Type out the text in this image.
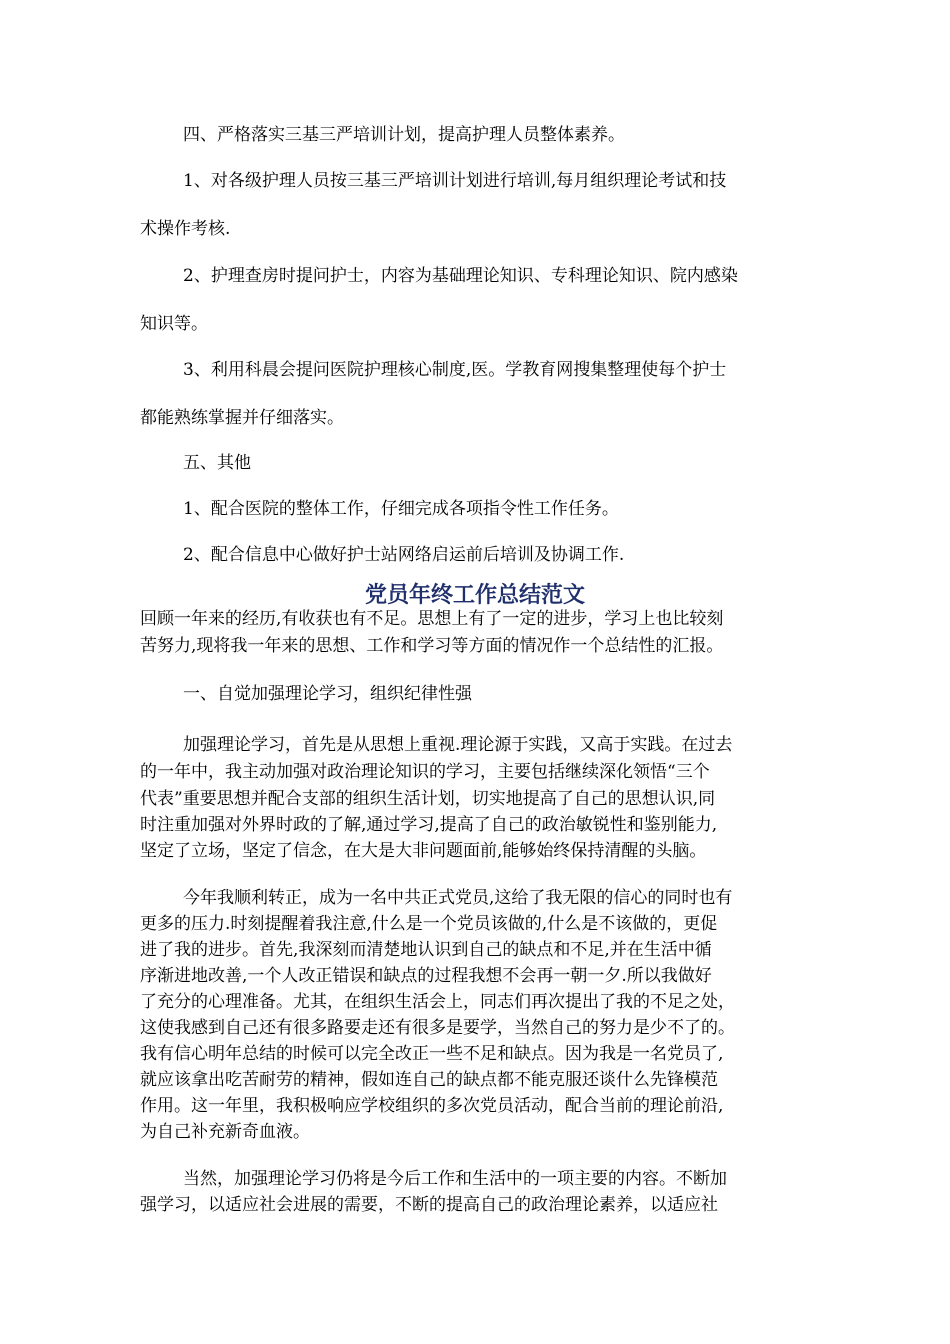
四、严格落实三基三严培训计划，提高护理人员整体素养。

1、对各级护理人员按三基三严培训计划进行培训,每月组织理论考试和技

术操作考核.

2、护理查房时提问护士，内容为基础理论知识、专科理论知识、院内感染

知识等。

3、利用科晨会提问医院护理核心制度,医。学教育网搜集整理使每个护士

都能熟练掌握并仔细落实。

五、其他

1、配合医院的整体工作，仔细完成各项指令性工作任务。

2、配合信息中心做好护士站网络启运前后培训及协调工作.

党员年终工作总结范文

回顾一年来的经历,有收获也有不足。思想上有了一定的进步，学习上也比较刻

苦努力,现将我一年来的思想、工作和学习等方面的情况作一个总结性的汇报。

一、自觉加强理论学习，组织纪律性强

加强理论学习，首先是从思想上重视.理论源于实践，又高于实践。在过去

的一年中，我主动加强对政治理论知识的学习，主要包括继续深化领悟“三个

代表”重要思想并配合支部的组织生活计划，切实地提高了自己的思想认识,同

时注重加强对外界时政的了解,通过学习,提高了自己的政治敏锐性和鉴别能力,

坚定了立场，坚定了信念，在大是大非问题面前,能够始终保持清醒的头脑。

今年我顺利转正，成为一名中共正式党员,这给了我无限的信心的同时也有

更多的压力.时刻提醒着我注意,什么是一个党员该做的,什么是不该做的，更促

进了我的进步。首先,我深刻而清楚地认识到自己的缺点和不足,并在生活中循

序渐进地改善,一个人改正错误和缺点的过程我想不会再一朝一夕.所以我做好

了充分的心理准备。尤其，在组织生活会上，同志们再次提出了我的不足之处，

这使我感到自己还有很多路要走还有很多是要学，当然自己的努力是少不了的。

我有信心明年总结的时候可以完全改正一些不足和缺点。因为我是一名党员了,

就应该拿出吃苦耐劳的精神，假如连自己的缺点都不能克服还谈什么先锋模范

作用。这一年里，我积极响应学校组织的多次党员活动，配合当前的理论前沿,

为自己补充新奇血液。

当然，加强理论学习仍将是今后工作和生活中的一项主要的内容。不断加

强学习，以适应社会进展的需要，不断的提高自己的政治理论素养，以适应社
